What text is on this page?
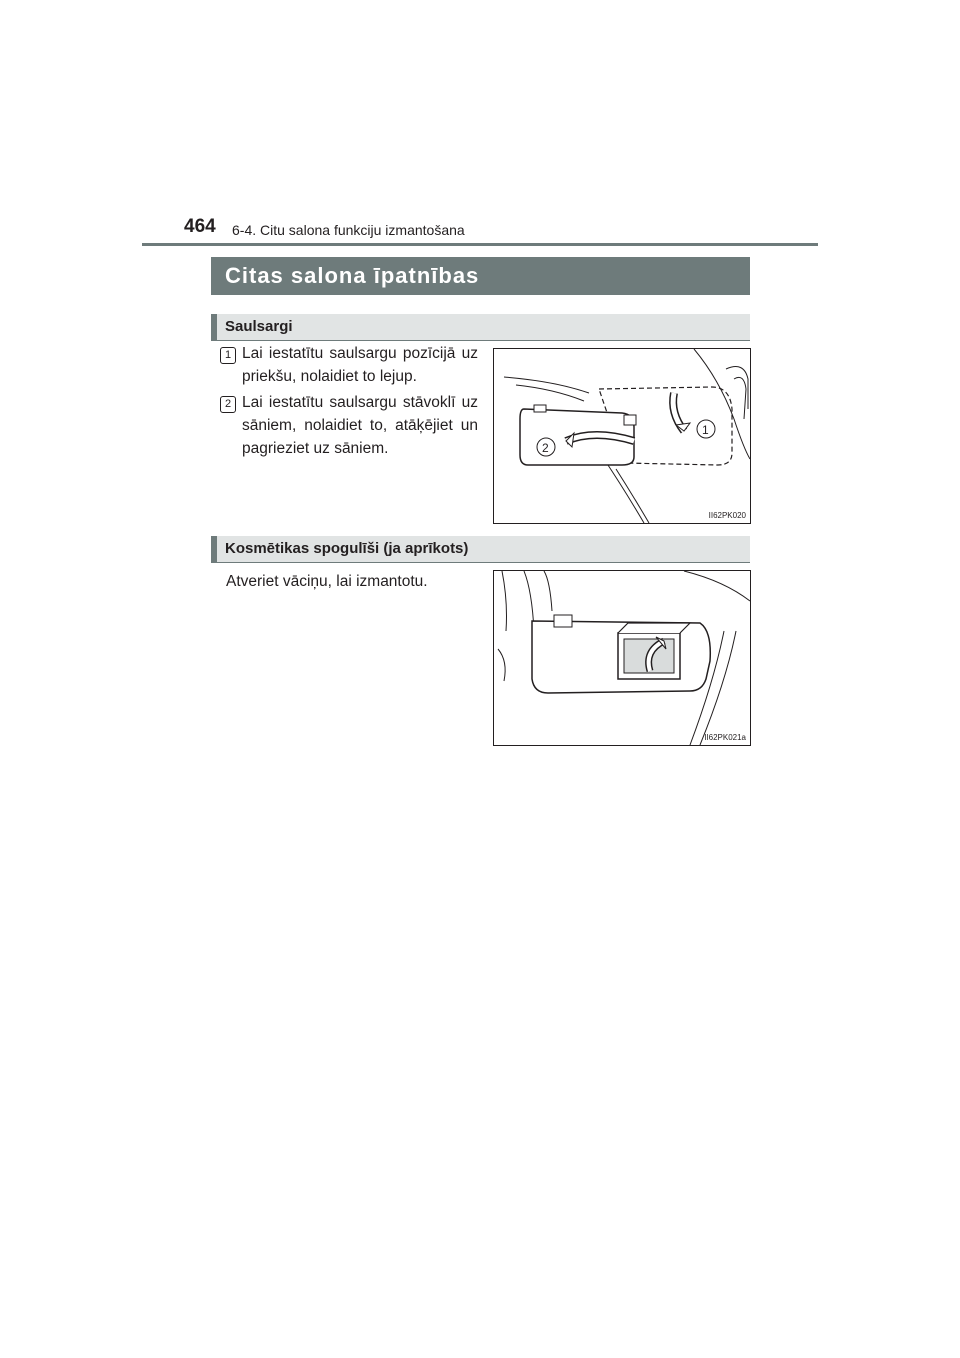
464 6-4. Citu salona funkciju izmantošana
Citas salona īpatnības
Saulsargi
1 Lai iestatītu saulsargu pozīcijā uz priekšu, nolaidiet to lejup.
2 Lai iestatītu saulsargu stāvoklī uz sāniem, nolaidiet to, atāķējiet un pagrieziet uz sāniem.
1
2
II62PK020
Kosmētikas spogulīši (ja aprīkots)
Atveriet vāciņu, lai izmantotu.
II62PK021a
